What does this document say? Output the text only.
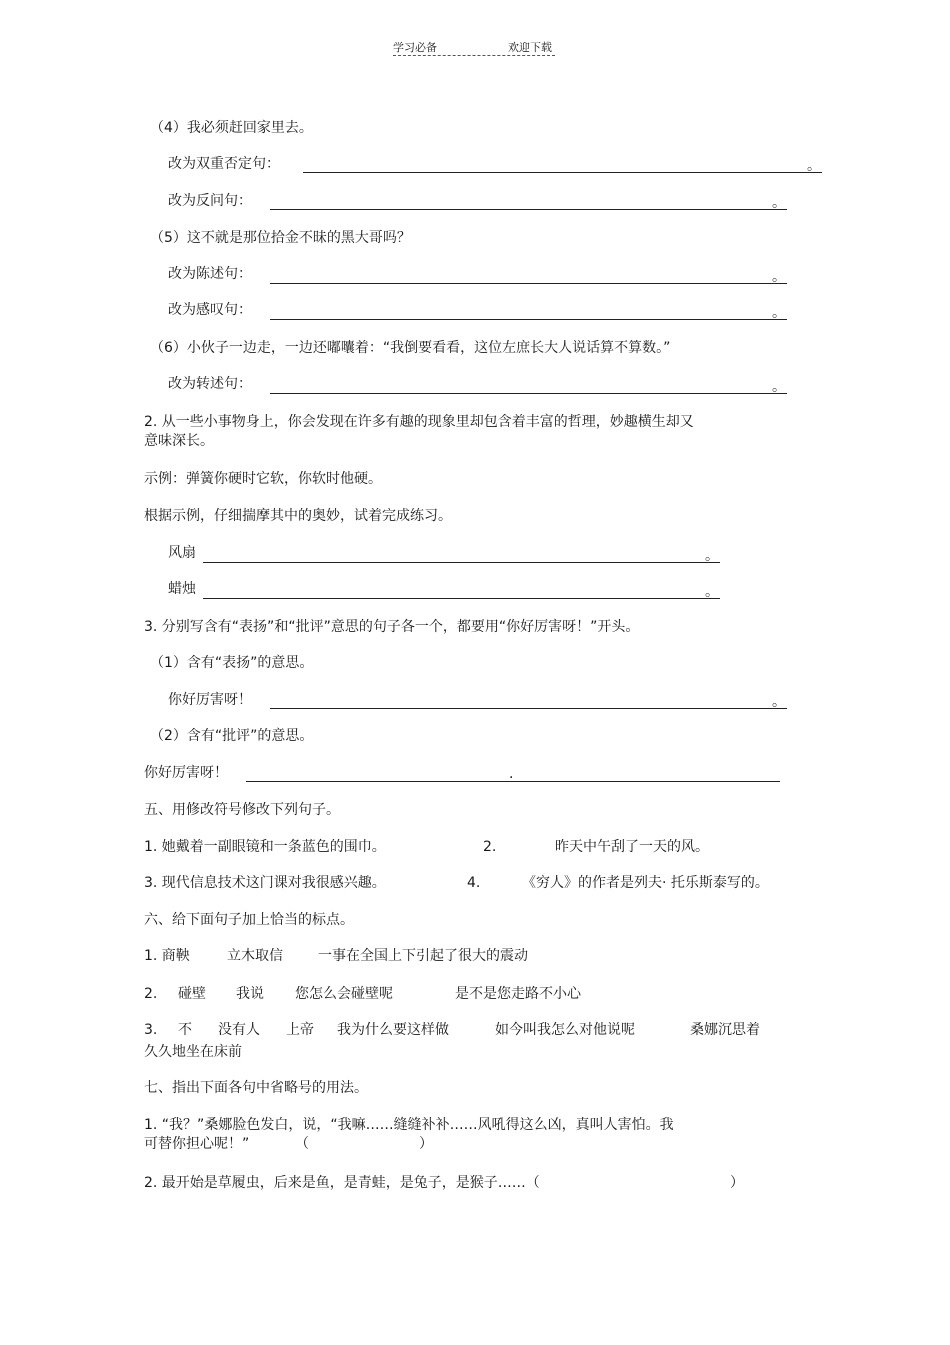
学习必备	欢迎下载
（4）我必须赶回家里去。
改为双重否定句：	。
改为反问句：	。
（5）这不就是那位拾金不昧的黑大哥吗？
改为陈述句：	。
改为感叹句：	。
（6）小伙子一边走，一边还嘟囔着：“我倒要看看，这位左庶长大人说话算不算数。”
改为转述句：	。
2. 从一些小事物身上，你会发现在许多有趣的现象里却包含着丰富的哲理，妙趣横生却又
意味深长。
示例：弹簧你硬时它软，你软时他硬。
根据示例，仔细揣摩其中的奥妙，试着完成练习。
风扇	。
蜡烛	。
3. 分别写含有“表扬”和“批评”意思的句子各一个，都要用“你好厉害呀！”开头。
（1）含有“表扬”的意思。
你好厉害呀！	。
（2）含有“批评”的意思。
你好厉害呀！	.
五、用修改符号修改下列句子。
1. 她戴着一副眼镜和一条蓝色的围巾。	2.	昨天中午刮了一天的风。
3. 现代信息技术这门课对我很感兴趣。	4.	《穷人》的作者是列夫· 托乐斯泰写的。
六、给下面句子加上恰当的标点。
1. 商鞅	立木取信	一事在全国上下引起了很大的震动
2. 碰壁 我说 您怎么会碰壁呢	是不是您走路不小心
3. 不 没有人 上帝 我为什么要这样做	如今叫我怎么对他说呢	桑娜沉思着
久久地坐在床前
七、指出下面各句中省略号的用法。
1. “我？”桑娜脸色发白，说，“我嘛……缝缝补补……风吼得这么凶，真叫人害怕。我
可替你担心呢！”	（	）
2. 最开始是草履虫，后来是鱼，是青蛙，是兔子，是猴子……（	）
